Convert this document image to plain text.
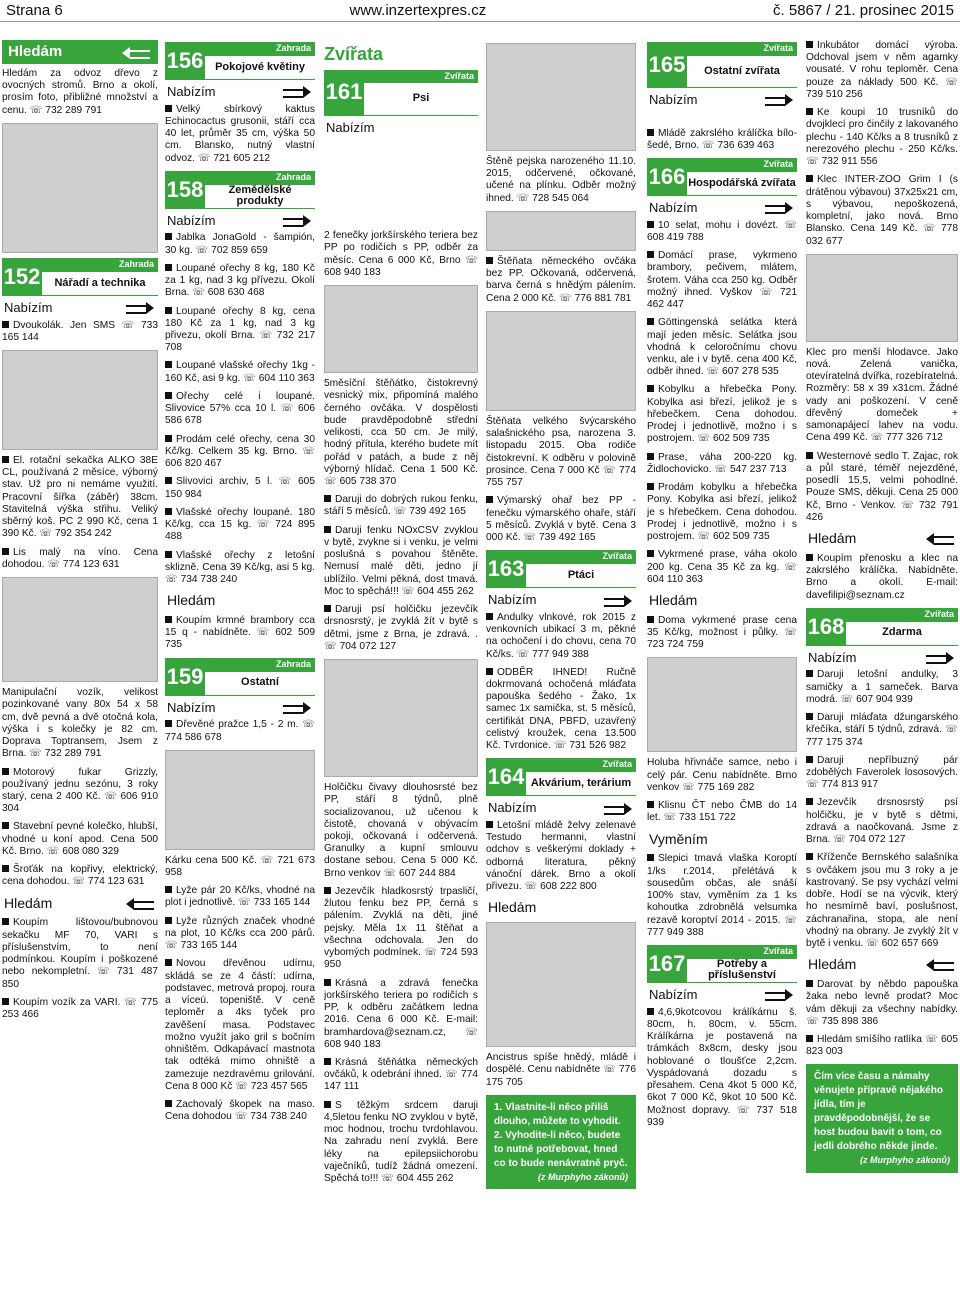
Strana 6	www.inzertexpres.cz	č. 5867 / 21. prosinec 2015
Hledám
Hledám za odvoz dřevo z ovocných stromů. Brno a okolí, prosím foto, přibližné množství a cenu. ☏ 732 289 791
152	Zahrada
Nářadí a technika
Nabízím
Dvoukolák. Jen SMS ☏ 733 165 144
El. rotační sekačka ALKO 38E CL, používaná 2 měsíce, výborný stav. Už pro ni nemáme využití. Pracovní šířka (záběr) 38cm. Stavitelná výška střihu. Veliký sběrný koš. PC 2 990 Kč, cena 1 390 Kč. ☏ 792 354 242
Lis malý na víno. Cena dohodou. ☏ 774 123 631
Manipulační vozík, velikost pozinkované vany 80x 54 x 58 cm, dvě pevná a dvě otočná kola, výška i s kolečky je 82 cm. Doprava Toptransem, Jsem z Brna. ☏ 732 289 791
Motorový fukar Grizzly, používaný jednu sezónu, 3 roky starý, cena 2 400 Kč. ☏ 606 910 304
Stavební pevné kolečko, hlubší, vhodné u koní apod. Cena 500 Kč. Brno. ☏ 608 080 329
Šroťák na kopřivy, elektrický, cena dohodou. ☏ 774 123 631
Hledám
Koupím lištovou/bubnovou sekačku MF 70, VARI s příslušenstvím, to není podmínkou. Koupím i poškozené nebo nekompletní. ☏ 731 487 850
Koupím vozík za VARI. ☏ 775 253 466
156	Zahrada
Pokojové květiny
Nabízím
Velký sbírkový kaktus Echinocactus grusonii, stáří cca 40 let, průměr 35 cm, výška 50 cm. Blansko, nutný vlastní odvoz. ☏ 721 605 212
158	Zahrada
Zemědělské produkty
Nabízím
Jablka JonaGold - šampión, 30 kg. ☏ 702 859 659
Loupané ořechy 8 kg, 180 Kč za 1 kg, nad 3 kg přívezu. Okolí Brna. ☏ 608 630 468
Loupané ořechy 8 kg, cena 180 Kč za 1 kg, nad 3 kg přivezu, okolí Brna. ☏ 732 217 708
Loupané vlašské ořechy 1kg - 160 Kč, asi 9 kg. ☏ 604 110 363
Ořechy celé i loupané. Slivovice 57% cca 10 l. ☏ 606 586 678
Prodám celé ořechy, cena 30 Kč/kg. Celkem 35 kg. Brno. ☏ 606 820 467
Slivovici archiv, 5 l. ☏ 605 150 984
Vlašské ořechy loupané. 180 Kč/kg, cca 15 kg. ☏ 724 895 488
Vlašské ořechy z letošní sklizně. Cena 39 Kč/kg, asi 5 kg. ☏ 734 738 240
Hledám
Koupím krmné brambory cca 15 q - nabídněte. ☏ 602 509 735
159	Zahrada
Ostatní
Nabízím
Dřevěné pražce 1,5 - 2 m. ☏ 774 586 678
Kárku cena 500 Kč. ☏ 721 673 958
Lyže pár 20 Kč/ks, vhodné na plot i jednotlivě. ☏ 733 165 144
Lyže různých značek vhodné na plot, 10 Kč/ks cca 200 párů. ☏ 733 165 144
Novou dřevěnou udírnu, skládá se ze 4 částí: udírna, podstavec, metrová propoj. roura a víceú. topeniště. V ceně teploměr a 4ks tyček pro zavěšení masa. Podstavec možno využít jako gril s bočním ohništěm. Odkapávací mastnota tak odtéká mimo ohniště a zamezuje nezdravému grilování. Cena 8 000 Kč ☏ 723 457 565
Zachovalý škopek na maso. Cena dohodou ☏ 734 738 240
Zvířata
161
Zvířata
Psi
Nabízím
2 fenečky jorkšírského teriera bez PP po rodičích s PP, odběr za měsíc. Cena 6 000 Kč, Brno ☏ 608 940 183
5měsíční štěňátko, čistokrevný vesnický mix, připomíná malého černého ovčáka. V dospělosti bude pravděpodobně střední velikosti, cca 50 cm. Je milý, hodný přítula, kterého budete mít pořád v patách, a bude z něj výborný hlídač. Cena 1 500 Kč. ☏ 605 738 370
Daruji do dobrých rukou fenku, stáří 5 měsíců. ☏ 739 492 165
Daruji fenku NOxCSV zvyklou v bytě, zvykne si i venku, je velmi poslušná s povahou štěněte. Nemusí malé děti, jedno jí ublížilo. Velmi pěkná, dost tmavá. Moc to spěchá!!! ☏ 604 455 262
Daruji psí holčičku jezevčík drsnosrstý, je zvyklá žít v bytě s dětmi, jsme z Brna, je zdravá. . ☏ 704 072 127
Holčičku čivavy dlouhosrsté bez PP, stáří 8 týdnů, plně socializovanou, už učenou k čistotě, chovaná v obývacím pokoji, očkovaná i odčervená. Granulky a kupní smlouvu dostane sebou. Cena 5 000 Kč. Brno venkov ☏ 607 244 884
Jezevčík hladkosrstý trpasličí, žlutou fenku bez PP, černá s pálením. Zvyklá na děti, jiné pejsky. Měla 1x 11 štěňat a všechna odchovala. Jen do vybomých podmínek. ☏ 724 593 950
Krásná a zdravá fenečka jorkšírského teriera po rodičích s PP, k odběru začátkem ledna 2016. Cena 6 000 Kč. E-mail: bramhardova@seznam.cz, ☏ 608 940 183
Krásná štěňátka německých ovčáků, k odebrání ihned. ☏ 774 147 111
S těžkým srdcem daruji 4,5letou fenku NO zvyklou v bytě, moc hodnou, trochu tvrdohlavou. Na zahradu není zvyklá. Bere léky na epilepsiichorobu vaječníků, tudíž žádná omezení. Spěchá to!!! ☏ 604 455 262
Štěně pejska narozeného 11.10. 2015, odčervené, očkované, učené na plínku. Odběr možný ihned. ☏ 728 545 064
Štěňata německého ovčáka bez PP. Očkovaná, odčervená, barva černá s hnědým pálením. Cena 2 000 Kč. ☏ 776 881 781
Štěňata velkého švýcarského salašnického psa, narozena 3. listopadu 2015. Oba rodiče čistokrevní. K odběru v polovině prosince. Cena 7 000 Kč ☏ 774 755 757
Výmarský ohař bez PP - fenečku výmarského ohaře, stáří 5 měsíců. Zvyklá v bytě. Cena 3 000 Kč. ☏ 739 492 165
163	Zvířata
Ptáci
Nabízím
Andulky vlnkové, rok 2015 z venkovních ubikací 3 m, pěkné na ochočení i do chovu, cena 70 Kč/ks. ☏ 777 949 388
ODBĚR IHNED! Ručně dokrmovaná ochočená mláďata papouška šedého - Žako, 1x samec 1x samička, st. 5 měsíců, certifikát DNA, PBFD, uzavřený celistvý kroužek, cena 13.500 Kč. Tvrdonice. ☏ 731 526 982
164	Zvířata
Akvárium, terárium
Nabízím
Letošní mládě želvy zelenavé Testudo hermanni, vlastní odchov s veškerými doklady + odborná literatura, pěkný vánoční dárek. Brno a okolí přivezu. ☏ 608 222 800
Hledám
Ancistrus spíše hnědý, mládě i dospělé. Cenu nabídněte ☏ 776 175 705
1. Vlastnite-li něco přiliš dlouho, můžete to vyhodit. 2. Vyhodite-li něco, budete to nutně potřebovat, hned co to bude nenávratně pryč.
(z Murphyho zákonů)
165
Zvířata
Ostatní zvířata
Nabízím
Mládě zakrslého králíčka bílo-šedé, Brno. ☏ 736 639 463
166	Zvířata
Hospodářská zvířata
Nabízím
10 selat, mohu i dovézt. ☏ 608 419 788
Domácí prase, vykrmeno brambory, pečivem, mlátem, šrotem. Váha cca 250 kg. Odběr možný ihned. Vyškov ☏ 721 462 447
Göttingenská selátka která mají jeden měsíc. Selátka jsou vhodná k celoročnímu chovu venku, ale i v bytě. cena 400 Kč, odběr ihned. ☏ 607 278 535
Kobylku a hřebečka Pony. Kobylka asi březí, jelikož je s hřebečkem. Cena dohodou. Prodej i jednotlivě, možno i s postrojem. ☏ 602 509 735
Prase, váha 200-220 kg. Židlochovicko. ☏ 547 237 713
Prodám kobylku a hřebečka Pony. Kobylka asi březí, jelikož je s hřebečkem. Cena dohodou. Prodej i jednotlivě, možno i s postrojem. ☏ 602 509 735
Vykrmené prase, váha okolo 200 kg. Cena 35 Kč za kg. ☏ 604 110 363
Hledám
Doma vykrmené prase cena 35 Kč/kg, možnost i půlky. ☏ 723 724 759
Holuba hřivnáče samce, nebo i celý pár. Cenu nabídněte. Brno venkov ☏ 775 169 282
Klisnu ČT nebo ČMB do 14 let. ☏ 733 151 722
Vyměním
Slepici tmavá vlaška Koroptí 1/ks r.2014, přelétává k sousedům občas, ale snáší 100% stav, vyměním za 1 ks kohoutka zdrobnělá velsumka rezavě koroptví 2014 - 2015. ☏ 777 949 388
167	Zvířata
Potřeby a příslušenství
Nabízím
4,6,9kotcovou králíkárnu š. 80cm, h. 80cm, v. 55cm. Králíkárna je postavená na trámkách 8x8cm, desky jsou hoblované o tloušťce 2,2cm. Vyspádovaná dozadu s přesahem. Cena 4kot 5 000 Kč, 6kot 7 000 Kč, 9kot 10 500 Kč. Možnost dopravy. ☏ 737 518 939
Inkubátor domácí výroba. Odchoval jsem v něm agamky vousaté. V rohu teploměr. Cena pouze za náklady 500 Kč. ☏ 739 510 256
Ke koupi 10 trusníků do dvojklecí pro činčily z lakovaného plechu - 140 Kč/ks a 8 trusníků z nerezového plechu - 250 Kč/ks. ☏ 732 911 556
Klec INTER-ZOO Grim I (s drátěnou výbavou) 37x25x21 cm, s výbavou, nepoškozená, kompletní, jako nová. Brno Blansko. Cena 149 Kč. ☏ 778 032 677
Klec pro menší hlodavce. Jako nová. Zelená vanička, otevíratelná dvířka, rozebíratelná. Rozměry: 58 x 39 x31cm. Žádné vady ani poškození. V ceně dřevěný domeček + samonapájecí lahev na vodu. Cena 499 Kč. ☏ 777 326 712
Westernové sedlo T. Zajac, rok a půl staré, téměř nejezděné, posedlí 15,5, velmi pohodlné. Pouze SMS, děkuji. Cena 25 000 Kč, Brno - Venkov. ☏ 732 791 426
Hledám
Koupím přenosku a klec na zakrslého králíčka. Nabídněte. Brno a okolí. E-mail: davefilipi@seznam.cz
168	Zvířata
Zdarma
Nabízím
Daruji letošní andulky, 3 samičky a 1 sameček. Barva modrá. ☏ 607 904 939
Daruji mláďata džungarského křečíka, stáří 5 týdnů, zdravá. ☏ 777 175 374
Daruji nepříbuzný pár zdobělých Faverolek lososových. ☏ 774 813 917
Jezevčík drsnosrstý psí holčičku, je v bytě s dětmi, zdravá a naočkovaná. Jsme z Brna. ☏ 704 072 127
Kříženče Bernského salašníka s ovčákem jsou mu 3 roky a je kastrovaný. Se psy vychází velmi dobře. Hodí se na výcvik, který ho nesmírně baví, poslušnost, záchranařina, stopa, ale není vhodný na obrany. Je zvyklý žít v bytě i venku. ☏ 602 657 669
Hledám
Darovat by něbdo papouška žaka nebo levně prodat? Moc vám děkuji za všechny nabídky. ☏ 735 898 386
Hledám smíšího ratlíka ☏ 605 823 003
Čím více času a námahy věnujete přípravě nějakého jídla, tím je pravděpodobnější, že se host budou bavit o tom, co jedli dobrého někde jinde.
(z Murphyho zákonů)
